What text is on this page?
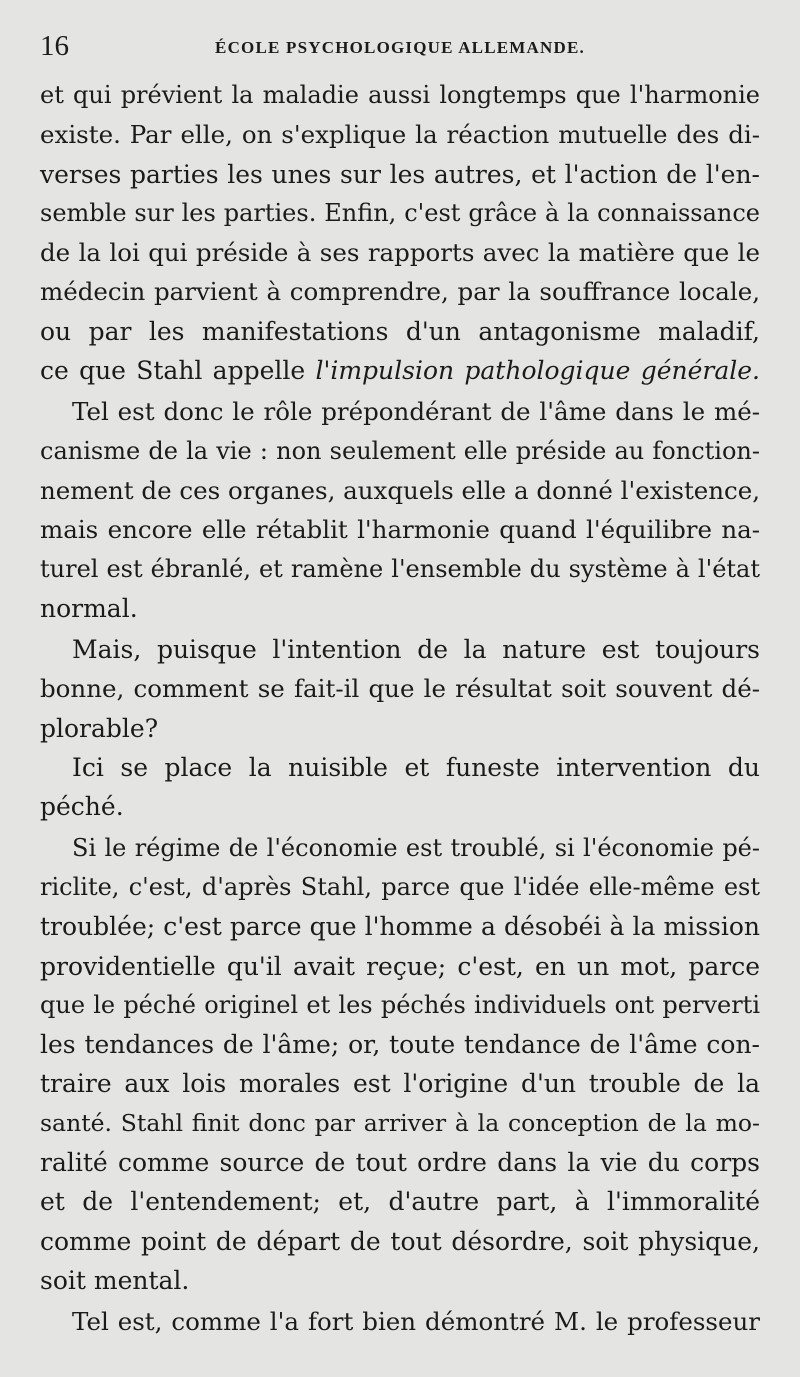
16	ÉCOLE PSYCHOLOGIQUE ALLEMANDE.
et qui prévient la maladie aussi longtemps que l'harmonie
existe. Par elle, on s'explique la réaction mutuelle des di-
verses parties les unes sur les autres, et l'action de l'en-
semble sur les parties. Enfin, c'est grâce à la connaissance
de la loi qui préside à ses rapports avec la matière que le
médecin parvient à comprendre, par la souffrance locale,
ou par les manifestations d'un antagonisme maladif,
ce que Stahl appelle l'impulsion pathologique générale.
Tel est donc le rôle prépondérant de l'âme dans le mé-
canisme de la vie : non seulement elle préside au fonction-
nement de ces organes, auxquels elle a donné l'existence,
mais encore elle rétablit l'harmonie quand l'équilibre na-
turel est ébranlé, et ramène l'ensemble du système à l'état
normal.
Mais, puisque l'intention de la nature est toujours
bonne, comment se fait-il que le résultat soit souvent dé-
plorable?
Ici se place la nuisible et funeste intervention du
péché.
Si le régime de l'économie est troublé, si l'économie pé-
riclite, c'est, d'après Stahl, parce que l'idée elle-même est
troublée; c'est parce que l'homme a désobéi à la mission
providentielle qu'il avait reçue; c'est, en un mot, parce
que le péché originel et les péchés individuels ont perverti
les tendances de l'âme; or, toute tendance de l'âme con-
traire aux lois morales est l'origine d'un trouble de la
santé. Stahl finit donc par arriver à la conception de la mo-
ralité comme source de tout ordre dans la vie du corps
et de l'entendement; et, d'autre part, à l'immoralité
comme point de départ de tout désordre, soit physique,
soit mental.
Tel est, comme l'a fort bien démontré M. le professeur
